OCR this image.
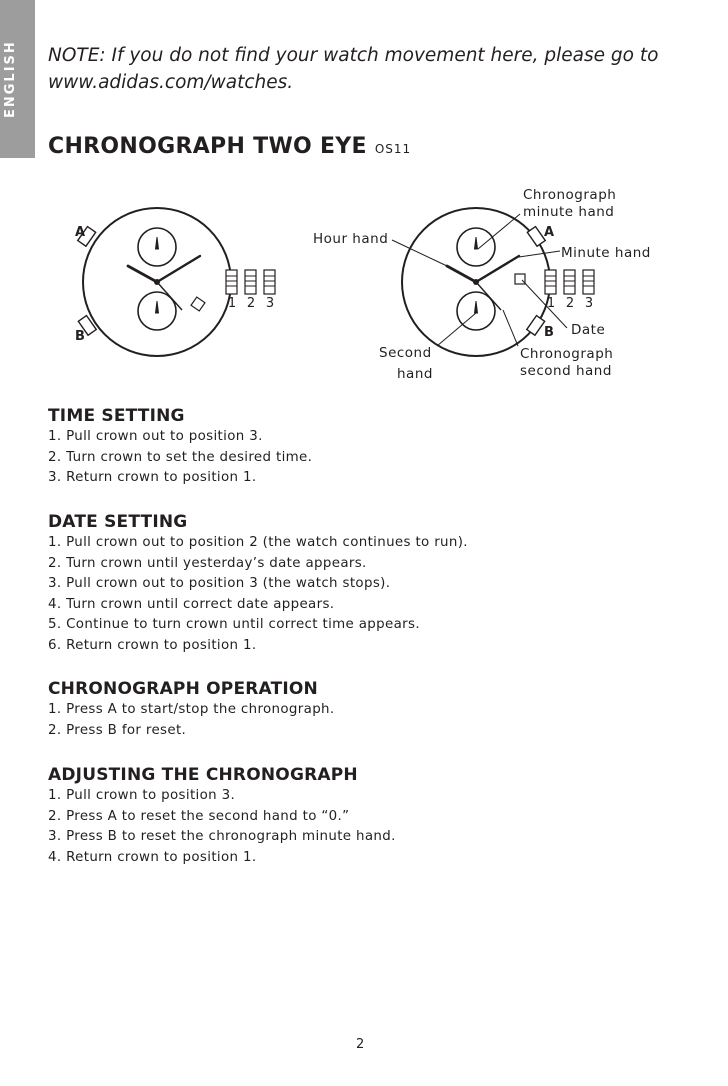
ENGLISH NOTE: If you do not find your watch movement here, please go to www.adidas.com/watches.
CHRONOGRAPH TWO EYE OS11
1 2 3
A
B
1 2 3
A
B
Chronograph
minute hand
Hour hand
Minute hand
Date
Second
hand
Chronograph
second hand
TIME SETTING
1. Pull crown out to position 3.
2. Turn crown to set the desired time.
3. Return crown to position 1.
DATE SETTING
1. Pull crown out to position 2 (the watch continues to run).
2. Turn crown until yesterday’s date appears.
3. Pull crown out to position 3 (the watch stops).
4. Turn crown until correct date appears.
5. Continue to turn crown until correct time appears.
6. Return crown to position 1.
CHRONOGRAPH OPERATION
1. Press A to start/stop the chronograph.
2. Press B for reset.
ADJUSTING THE CHRONOGRAPH
1. Pull crown to position 3.
2. Press A to reset the second hand to “0.”
3. Press B to reset the chronograph minute hand.
4. Return crown to position 1.
2
